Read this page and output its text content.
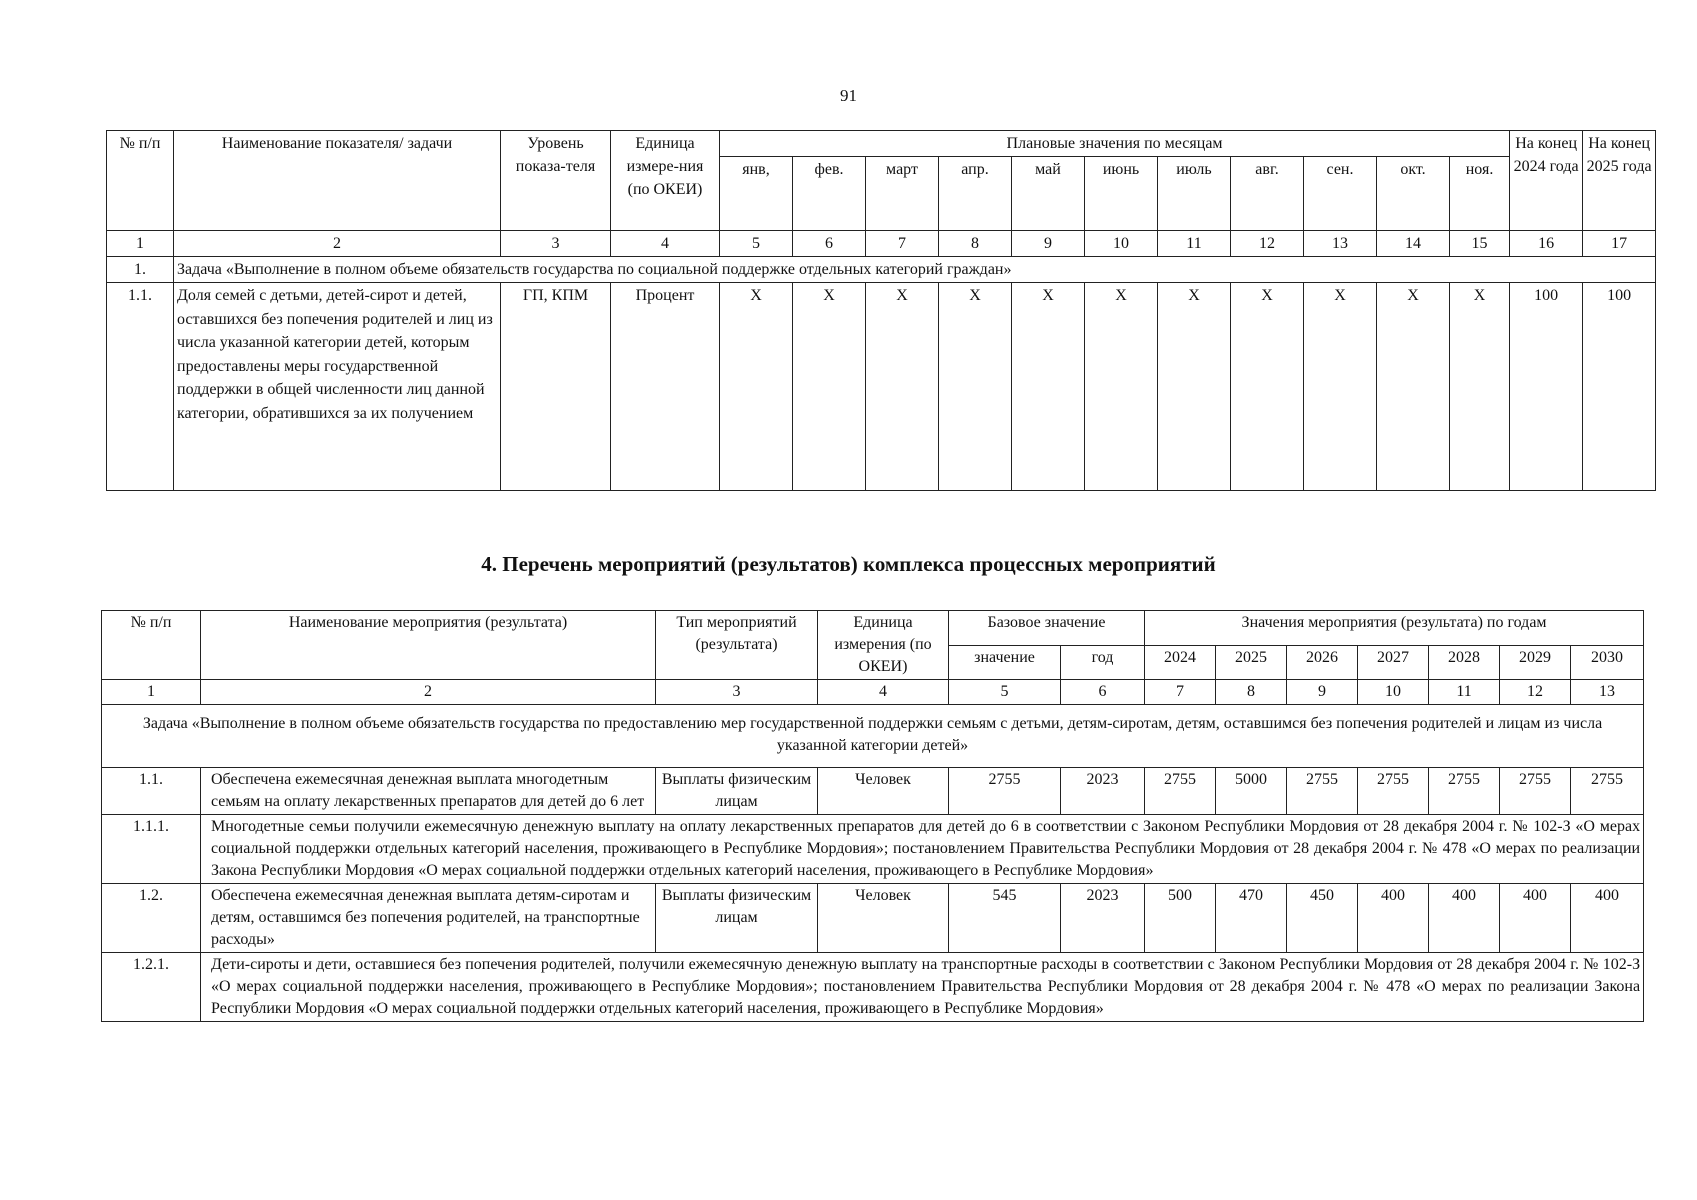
91
№ п/п	Наименование показателя/ задачи	Уровень показа-теля	Единица измере-ния (по ОКЕИ)	Плановые значения по месяцам											На конец 2024 года	На конец 2025 года
				янв,	фев.	март	апр.	май	июнь	июль	авг.	сен.	окт.	ноя.		
1	2	3	4	5	6	7	8	9	10	11	12	13	14	15	16	17
1.	Задача «Выполнение в полном объеме обязательств государства по социальной поддержке отдельных категорий граждан»															
1.1.	Доля семей с детьми, детей-сирот и детей, оставшихся без попечения родителей и лиц из числа указанной категории детей, которым предоставлены меры государственной поддержки в общей численности лиц данной категории, обратившихся за их получением	ГП, КПМ	Процент	Х	Х	Х	Х	Х	Х	Х	Х	Х	Х	Х	100	100
4. Перечень мероприятий (результатов) комплекса процессных мероприятий
№ п/п	Наименование мероприятия (результата)	Тип мероприятий (результата)	Единица измерения (по ОКЕИ)	Базовое значение		Значения мероприятия (результата) по годам						
				значение	год	2024	2025	2026	2027	2028	2029	2030
1	2	3	4	5	6	7	8	9	10	11	12	13
Задача «Выполнение в полном объеме обязательств государства по предоставлению мер государственной поддержки семьям с детьми, детям-сиротам, детям, оставшимся без попечения родителей и лицам из числа указанной категории детей»												
1.1.	Обеспечена ежемесячная денежная выплата многодетным семьям на оплату лекарственных препаратов для детей до 6 лет	Выплаты физическим лицам	Человек	2755	2023	2755	5000	2755	2755	2755	2755	2755
1.1.1.	Многодетные семьи получили ежемесячную денежную выплату на оплату лекарственных препаратов для детей до 6 в соответствии с Законом Республики Мордовия от 28 декабря 2004 г. № 102-З «О мерах социальной поддержки отдельных категорий населения, проживающего в Республике Мордовия»; постановлением Правительства Республики Мордовия от 28 декабря 2004 г. № 478 «О мерах по реализации Закона Республики Мордовия «О мерах социальной поддержки отдельных категорий населения, проживающего в Республике Мордовия»											
1.2.	Обеспечена ежемесячная денежная выплата детям-сиротам и детям, оставшимся без попечения родителей, на транспортные расходы»	Выплаты физическим лицам	Человек	545	2023	500	470	450	400	400	400	400
1.2.1.	Дети-сироты и дети, оставшиеся без попечения родителей, получили ежемесячную денежную выплату на транспортные расходы в соответствии с Законом Республики Мордовия от 28 декабря 2004 г. № 102-З «О мерах социальной поддержки населения, проживающего в Республике Мордовия»; постановлением Правительства Республики Мордовия от 28 декабря 2004 г. № 478 «О мерах по реализации Закона Республики Мордовия «О мерах социальной поддержки отдельных категорий населения, проживающего в Республике Мордовия»											
